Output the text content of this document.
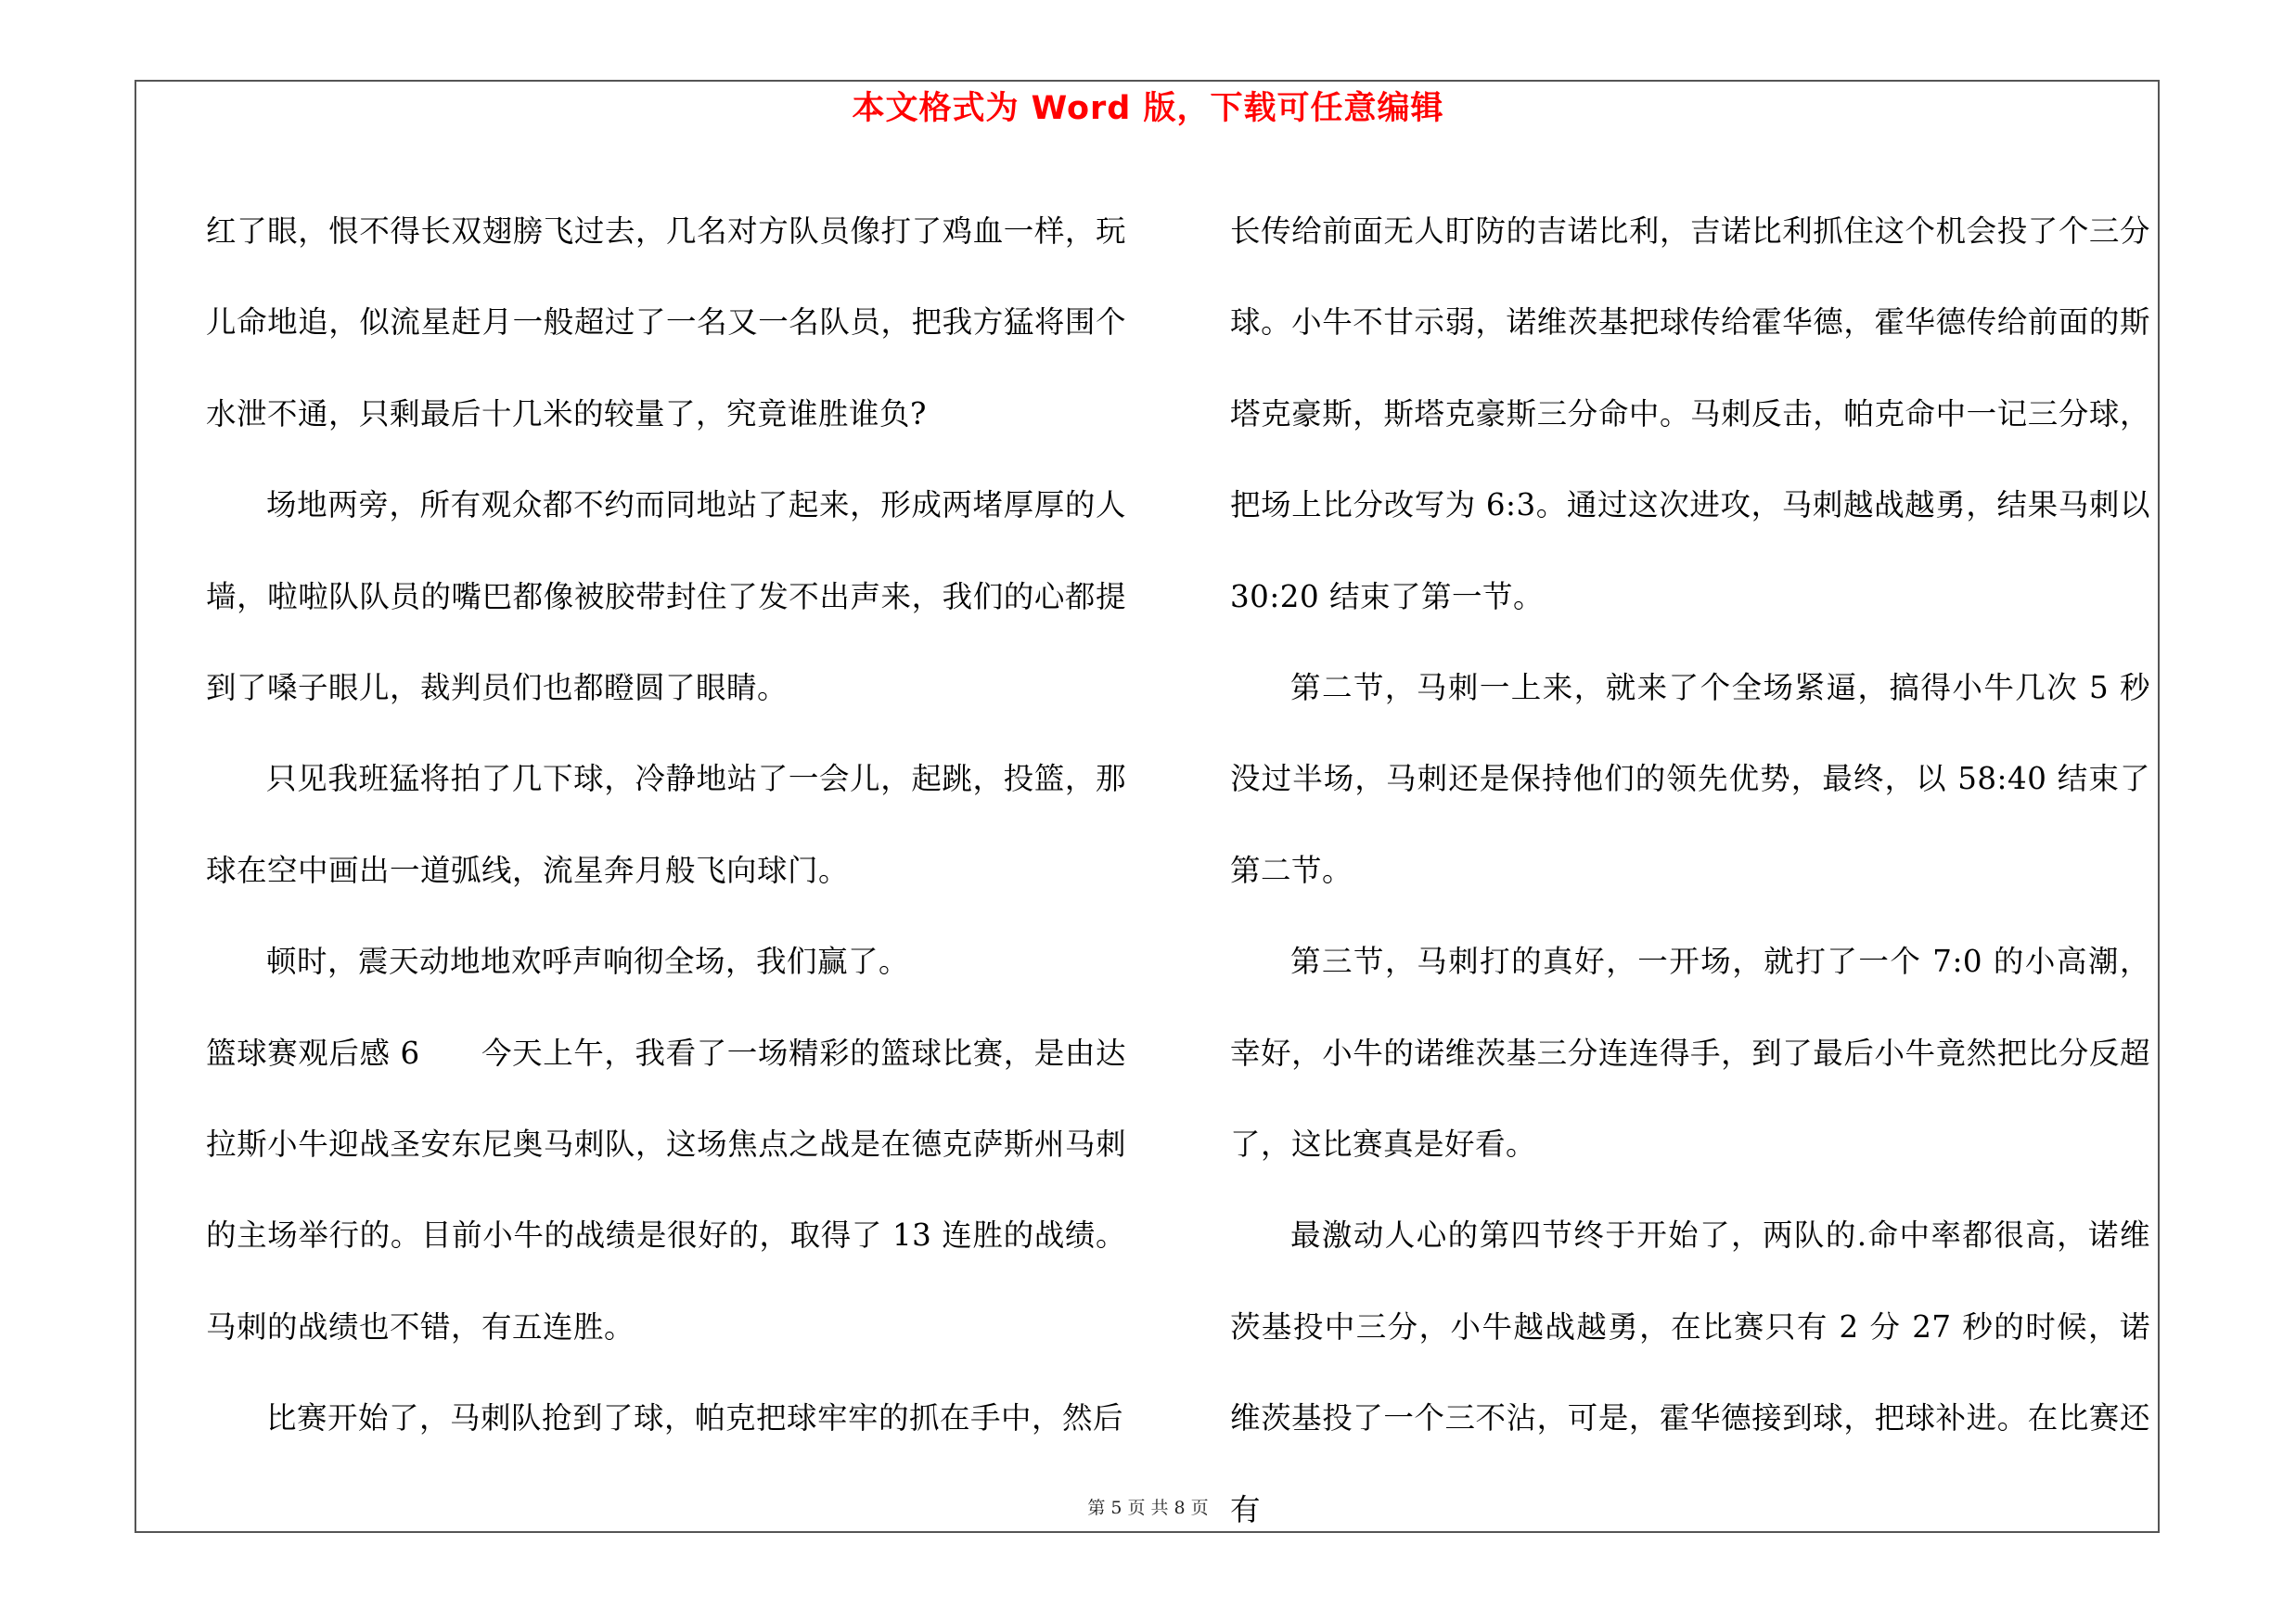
本文格式为 Word 版，下载可任意编辑

红了眼，恨不得长双翅膀飞过去，几名对方队员像打了鸡血一样，玩儿命地追，似流星赶月一般超过了一名又一名队员，把我方猛将围个水泄不通，只剩最后十几米的较量了，究竟谁胜谁负?

场地两旁，所有观众都不约而同地站了起来，形成两堵厚厚的人墙，啦啦队队员的嘴巴都像被胶带封住了发不出声来，我们的心都提到了嗓子眼儿，裁判员们也都瞪圆了眼睛。

只见我班猛将拍了几下球，冷静地站了一会儿，起跳，投篮，那球在空中画出一道弧线，流星奔月般飞向球门。

顿时，震天动地地欢呼声响彻全场，我们赢了。

篮球赛观后感 6　　今天上午，我看了一场精彩的篮球比赛，是由达拉斯小牛迎战圣安东尼奥马刺队，这场焦点之战是在德克萨斯州马刺的主场举行的。目前小牛的战绩是很好的，取得了 13 连胜的战绩。马刺的战绩也不错，有五连胜。

比赛开始了，马刺队抢到了球，帕克把球牢牢的抓在手中，然后

长传给前面无人盯防的吉诺比利，吉诺比利抓住这个机会投了个三分球。小牛不甘示弱，诺维茨基把球传给霍华德，霍华德传给前面的斯塔克豪斯，斯塔克豪斯三分命中。马刺反击，帕克命中一记三分球，把场上比分改写为 6:3。通过这次进攻，马刺越战越勇，结果马刺以 30:20 结束了第一节。

第二节，马刺一上来，就来了个全场紧逼，搞得小牛几次 5 秒没过半场，马刺还是保持他们的领先优势，最终，以 58:40 结束了第二节。

第三节，马刺打的真好，一开场，就打了一个 7:0 的小高潮，幸好，小牛的诺维茨基三分连连得手，到了最后小牛竟然把比分反超了，这比赛真是好看。

最激动人心的第四节终于开始了，两队的.命中率都很高，诺维茨基投中三分，小牛越战越勇，在比赛只有 2 分 27 秒的时候，诺维茨基投了一个三不沾，可是，霍华德接到球，把球补进。在比赛还有

第 5 页 共 8 页
